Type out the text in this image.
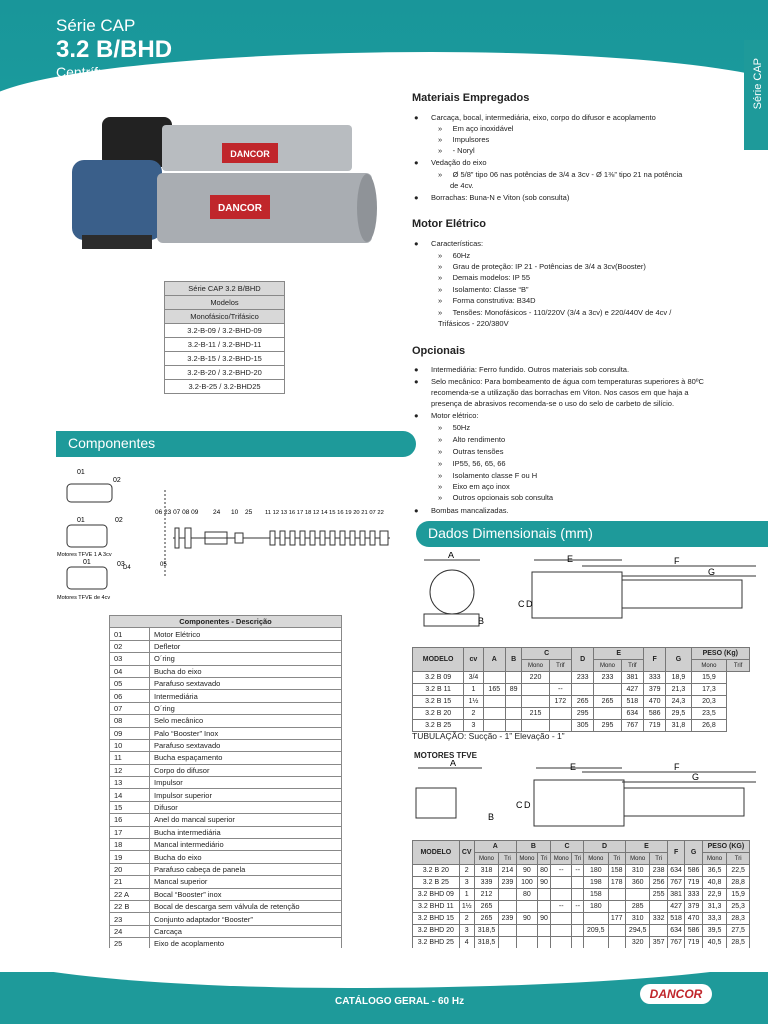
Série CAP
3.2 B/BHD
Centrífuga Multiestágio - Alta Pressão	Série CAP
DANCOR
DANCOR
Série CAP 3.2 B/BHD
Modelos
Monofásico/Trifásico
3.2-B-09 / 3.2-BHD-09
3.2-B-11 / 3.2-BHD-11
3.2-B-15 / 3.2-BHD-15
3.2-B-20 / 3.2-BHD-20
3.2-B-25 / 3.2-BHD25
Materiais Empregados
●      Carcaça, bocal, intermediária, eixo, corpo do difusor e acoplamento
»     Em aço inoxidável
»     Impulsores
»     - Noryl
●      Vedação do eixo
»     Ø 5/8” tipo 06 nas potências de 3/4 a 3cv - Ø 1⅜” tipo 21 na potência
de 4cv.
●      Borrachas: Buna-N e Viton (sob consulta)
Motor Elétrico
●      Características:
»     60Hz
»     Grau de proteção: IP 21 - Potências de 3/4 a 3cv(Booster)
»     Demais modelos: IP 55
»     Isolamento: Classe “B”
»     Forma construtiva: B34D
»     Tensões: Monofásicos - 110/220V (3/4 a 3cv) e 220/440V de 4cv /
Trifásicos - 220/380V
Opcionais
●      Intermediária: Ferro fundido. Outros materiais sob consulta.
●      Selo mecânico: Para bombeamento de água com temperaturas superiores à 80ºC
recomenda-se a utilização das borrachas em Viton. Nos casos em que haja a
presença de abrasivos recomenda-se o uso do selo de carbeto de silício.
●      Motor elétrico:
»     50Hz
»     Alto rendimento
»     Outras tensões
»     IP55, 56, 65, 66
»     Isolamento classe F ou H
»     Eixo em aço inox
»     Outros opcionais sob consulta
●      Bombas mancalizadas.
Componentes
01
02
01	02
Motores TFVE 1 A 3cv
01
D4
03
Motores TFVE de 4cv
06 23 07 08 09 24 10 25 11 12 13 16 17 18 12 14 15 16 19 20 21 07 22
05
Componentes - Descrição	
01	Motor Elétrico
02	Defletor
03	O´ring
04	Bucha do eixo
05	Parafuso sextavado
06	Intermediária
07	O´ring
08	Selo mecânico
09	Palo “Booster” Inox
10	Parafuso sextavado
11	Bucha espaçamento
12	Corpo do difusor
13	Impulsor
14	Impulsor superior
15	Difusor
16	Anel do mancal superior
17	Bucha intermediária
18	Mancal intermediário
19	Bucha do eixo
20	Parafuso cabeça de panela
21	Mancal superior
22 A	Bocal “Booster” inox
22 B	Bocal de descarga sem válvula de retenção
23	Conjunto adaptador “Booster”
24	Carcaça
25	Eixo de acoplamento
Dados Dimensionais (mm)
A
B
C D
E	F
G
MODELO	cv	A	B	C		D	E		F	G	PESO (Kg)	
				Mono	Trif		Mono	Trif			Mono	Trif
3.2 B 09	3/4			220		233	233	381	333	18,9	15,9	
3.2 B 11	1	165	89		--			427	379	21,3	17,3	
3.2 B 15	1½				172	265	265	518	470	24,3	20,3	
3.2 B 20	2			215		295		634	586	29,5	23,5	
3.2 B 25	3					305	295	767	719	31,8	26,8	
TUBULAÇÃO: Sucção - 1” Elevação - 1”
MOTORES TFVE
A
B
C D
E	F
G
MODELO	CV	A		B		C		D		E		F	G	PESO (KG)	
		Mono	Tri	Mono	Tri	Mono	Tri	Mono	Tri	Mono	Tri			Mono	Tri
3.2 B 20	2	318	214	90	80	--	--	180	158	310	238	634	586	36,5	22,5
3.2 B 25	3	339	239	100	90			198	178	360	256	767	719	40,8	28,8
3.2 BHD 09	1	212		80				158			255	381	333	22,9	15,9
3.2 BHD 11	1½	265				--	--	180		285		427	379	31,3	25,3
3.2 BHD 15	2	265	239	90	90				177	310	332	518	470	33,3	28,3
3.2 BHD 20	3	318,5						209,5		294,5		634	586	39,5	27,5
3.2 BHD 25	4	318,5								320	357	767	719	40,5	28,5
CATÁLOGO GERAL - 60 Hz
DANCOR
